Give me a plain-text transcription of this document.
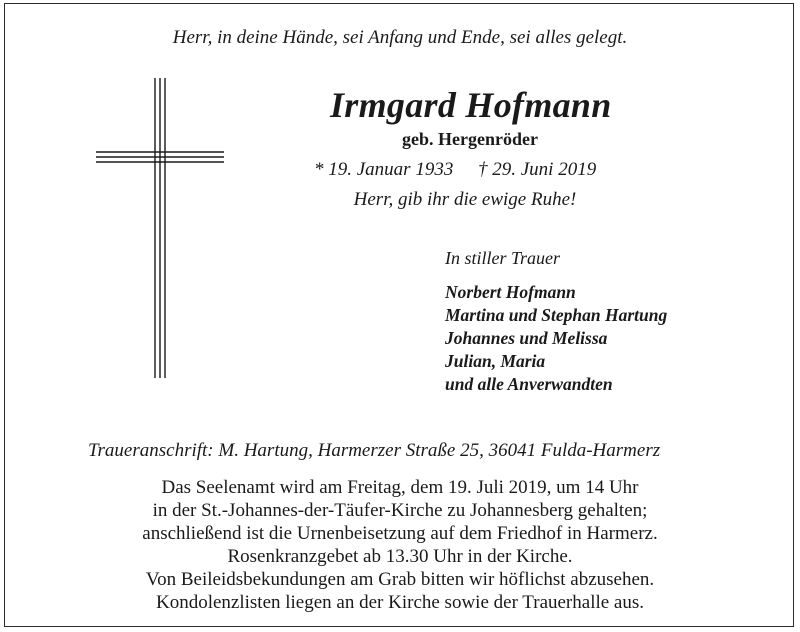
Herr, in deine Hände, sei Anfang und Ende, sei alles gelegt.
Irmgard Hofmann
geb. Hergenröder
* 19. Januar 1933 † 29. Juni 2019
Herr, gib ihr die ewige Ruhe!
In stiller Trauer
Norbert Hofmann
Martina und Stephan Hartung
Johannes und Melissa
Julian, Maria
und alle Anverwandten
Traueranschrift: M. Hartung, Harmerzer Straße 25, 36041 Fulda-Harmerz
Das Seelenamt wird am Freitag, dem 19. Juli 2019, um 14 Uhr
in der St.-Johannes-der-Täufer-Kirche zu Johannesberg gehalten;
anschließend ist die Urnenbeisetzung auf dem Friedhof in Harmerz.
Rosenkranzgebet ab 13.30 Uhr in der Kirche.
Von Beileidsbekundungen am Grab bitten wir höflichst abzusehen.
Kondolenzlisten liegen an der Kirche sowie der Trauerhalle aus.
